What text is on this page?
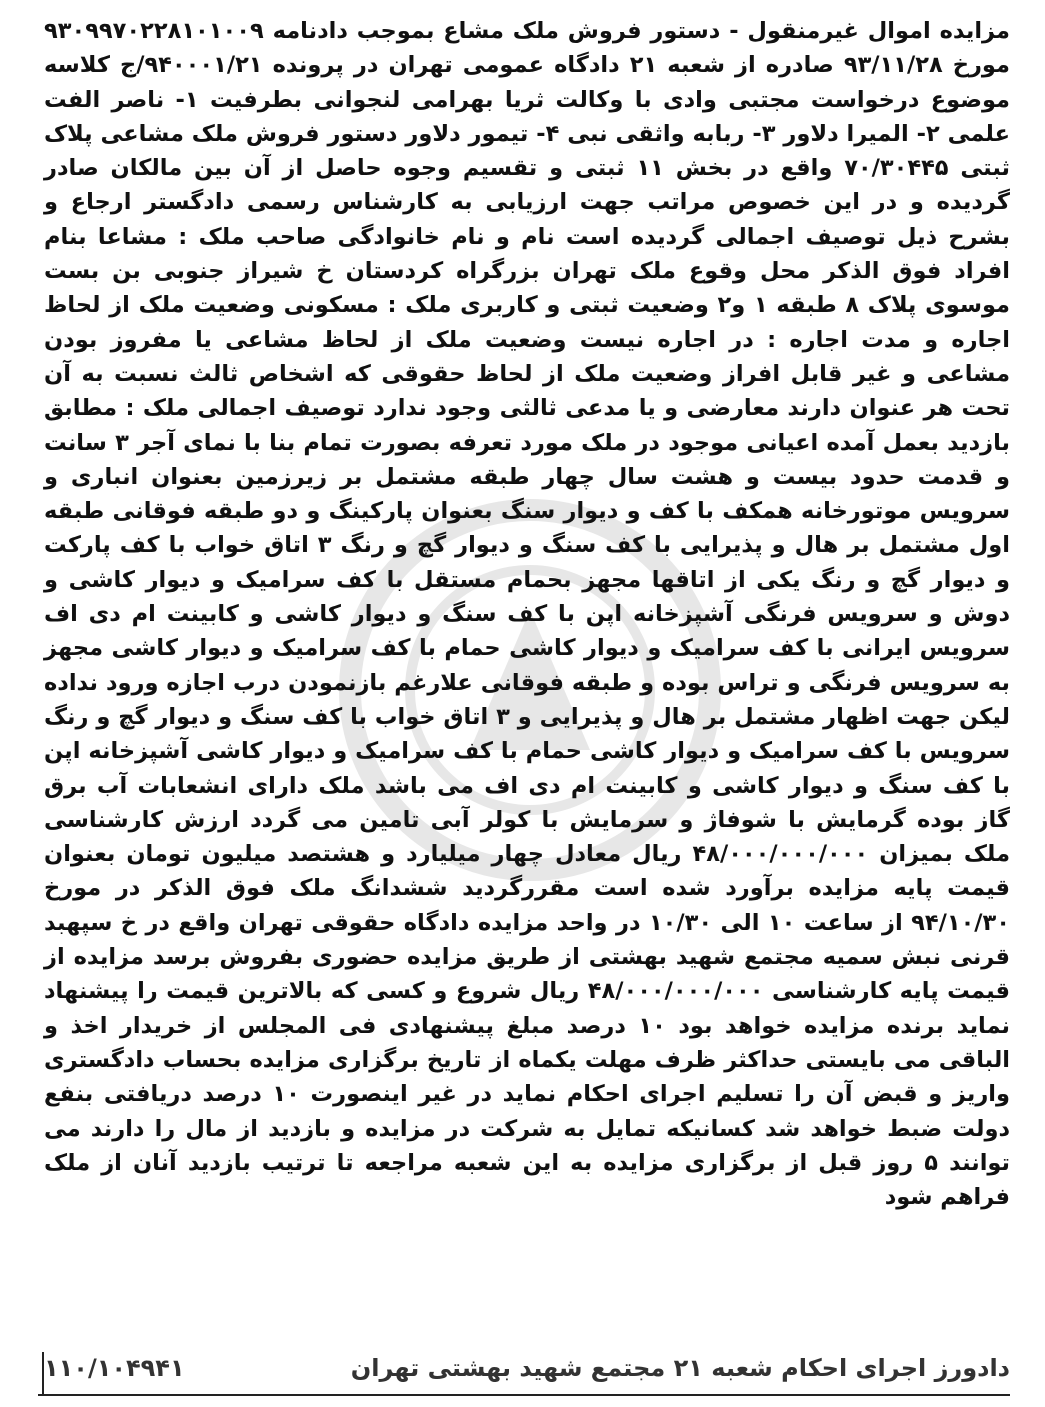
مزایده اموال غیرمنقول - دستور فروش ملک مشاع بموجب دادنامه ۹۳۰۹۹۷۰۲۲۸۱۰۱۰۰۹ مورخ ۹۳/۱۱/۲۸ صادره از شعبه ۲۱ دادگاه عمومی تهران در پرونده ۹۴۰۰۰۱/۲۱/ج کلاسه موضوع درخواست مجتبی وادی با وکالت ثریا بهرامی لنجوانی بطرفیت ۱- ناصر الفت علمی ۲- المیرا دلاور ۳- ربابه واثقی نبی ۴- تیمور دلاور دستور فروش ملک مشاعی پلاک ثبتی ۷۰/۳۰۴۴۵ واقع در بخش ۱۱ ثبتی و تقسیم وجوه حاصل از آن بین مالکان صادر گردیده و در این خصوص مراتب جهت ارزیابی به کارشناس رسمی دادگستر ارجاع و بشرح ذیل توصیف اجمالی گردیده است نام و نام خانوادگی صاحب ملک : مشاعا بنام افراد فوق الذکر محل وقوع ملک تهران بزرگراه کردستان خ شیراز جنوبی بن بست موسوی پلاک ۸ طبقه ۱ و۲ وضعیت ثبتی و کاربری ملک : مسکونی وضعیت ملک از لحاظ اجاره و مدت اجاره : در اجاره نیست وضعیت ملک از لحاظ مشاعی یا مفروز بودن مشاعی و غیر قابل افراز وضعیت ملک از لحاظ حقوقی که اشخاص ثالث نسبت به آن تحت هر عنوان دارند معارضی و یا مدعی ثالثی وجود ندارد توصیف اجمالی ملک : مطابق بازدید بعمل آمده اعیانی موجود در ملک مورد تعرفه بصورت تمام بنا با نمای آجر ۳ سانت و قدمت حدود بیست و هشت سال چهار طبقه مشتمل بر زیرزمین بعنوان انباری و سرویس موتورخانه همکف با کف و دیوار سنگ بعنوان پارکینگ و دو طبقه فوقانی طبقه اول مشتمل بر هال و پذیرایی با کف سنگ و دیوار گچ و رنگ ۳ اتاق خواب با کف پارکت و دیوار گچ و رنگ یکی از اتاقها مجهز بحمام مستقل با کف سرامیک و دیوار کاشی و دوش و سرویس فرنگی آشپزخانه اپن با کف سنگ و دیوار کاشی و کابینت ام دی اف سرویس ایرانی با کف سرامیک و دیوار کاشی حمام با کف سرامیک و دیوار کاشی مجهز به سرویس فرنگی و تراس بوده و طبقه فوقانی علارغم بازنمودن درب اجازه ورود نداده لیکن جهت اظهار مشتمل بر هال و پذیرایی و ۳ اتاق خواب با کف سنگ و دیوار گچ و رنگ سرویس با کف سرامیک و دیوار کاشی حمام با کف سرامیک و دیوار کاشی آشپزخانه اپن با کف سنگ و دیوار کاشی و کابینت ام دی اف می باشد ملک دارای انشعابات آب برق گاز بوده گرمایش با شوفاژ و سرمایش با کولر آبی تامین می گردد ارزش کارشناسی ملک بمیزان ۴۸/۰۰۰/۰۰۰/۰۰۰ ریال معادل چهار میلیارد و هشتصد میلیون تومان بعنوان قیمت پایه مزایده برآورد شده است مقررگردید ششدانگ ملک فوق الذکر در مورخ ۹۴/۱۰/۳۰ از ساعت ۱۰ الی ۱۰/۳۰ در واحد مزایده دادگاه حقوقی تهران واقع در خ سپهبد قرنی نبش سمیه مجتمع شهید بهشتی از طریق مزایده حضوری بفروش برسد مزایده از قیمت پایه کارشناسی ۴۸/۰۰۰/۰۰۰/۰۰۰ ریال شروع و کسی که بالاترین قیمت را پیشنهاد نماید برنده مزایده خواهد بود ۱۰ درصد مبلغ پیشنهادی فی المجلس از خریدار اخذ و الباقی می بایستی حداکثر ظرف مهلت یکماه از تاریخ برگزاری مزایده بحساب دادگستری واریز و قبض آن را تسلیم اجرای احکام نماید در غیر اینصورت ۱۰ درصد دریافتی بنفع دولت ضبط خواهد شد کسانیکه تمایل به شرکت در مزایده و بازدید از مال را دارند می توانند ۵ روز قبل از برگزاری مزایده به این شعبه مراجعه تا ترتیب بازدید آنان از ملک فراهم شود
دادورز اجرای احکام شعبه ۲۱ مجتمع شهید بهشتی تهران
۱۱۰/۱۰۴۹۴۱
